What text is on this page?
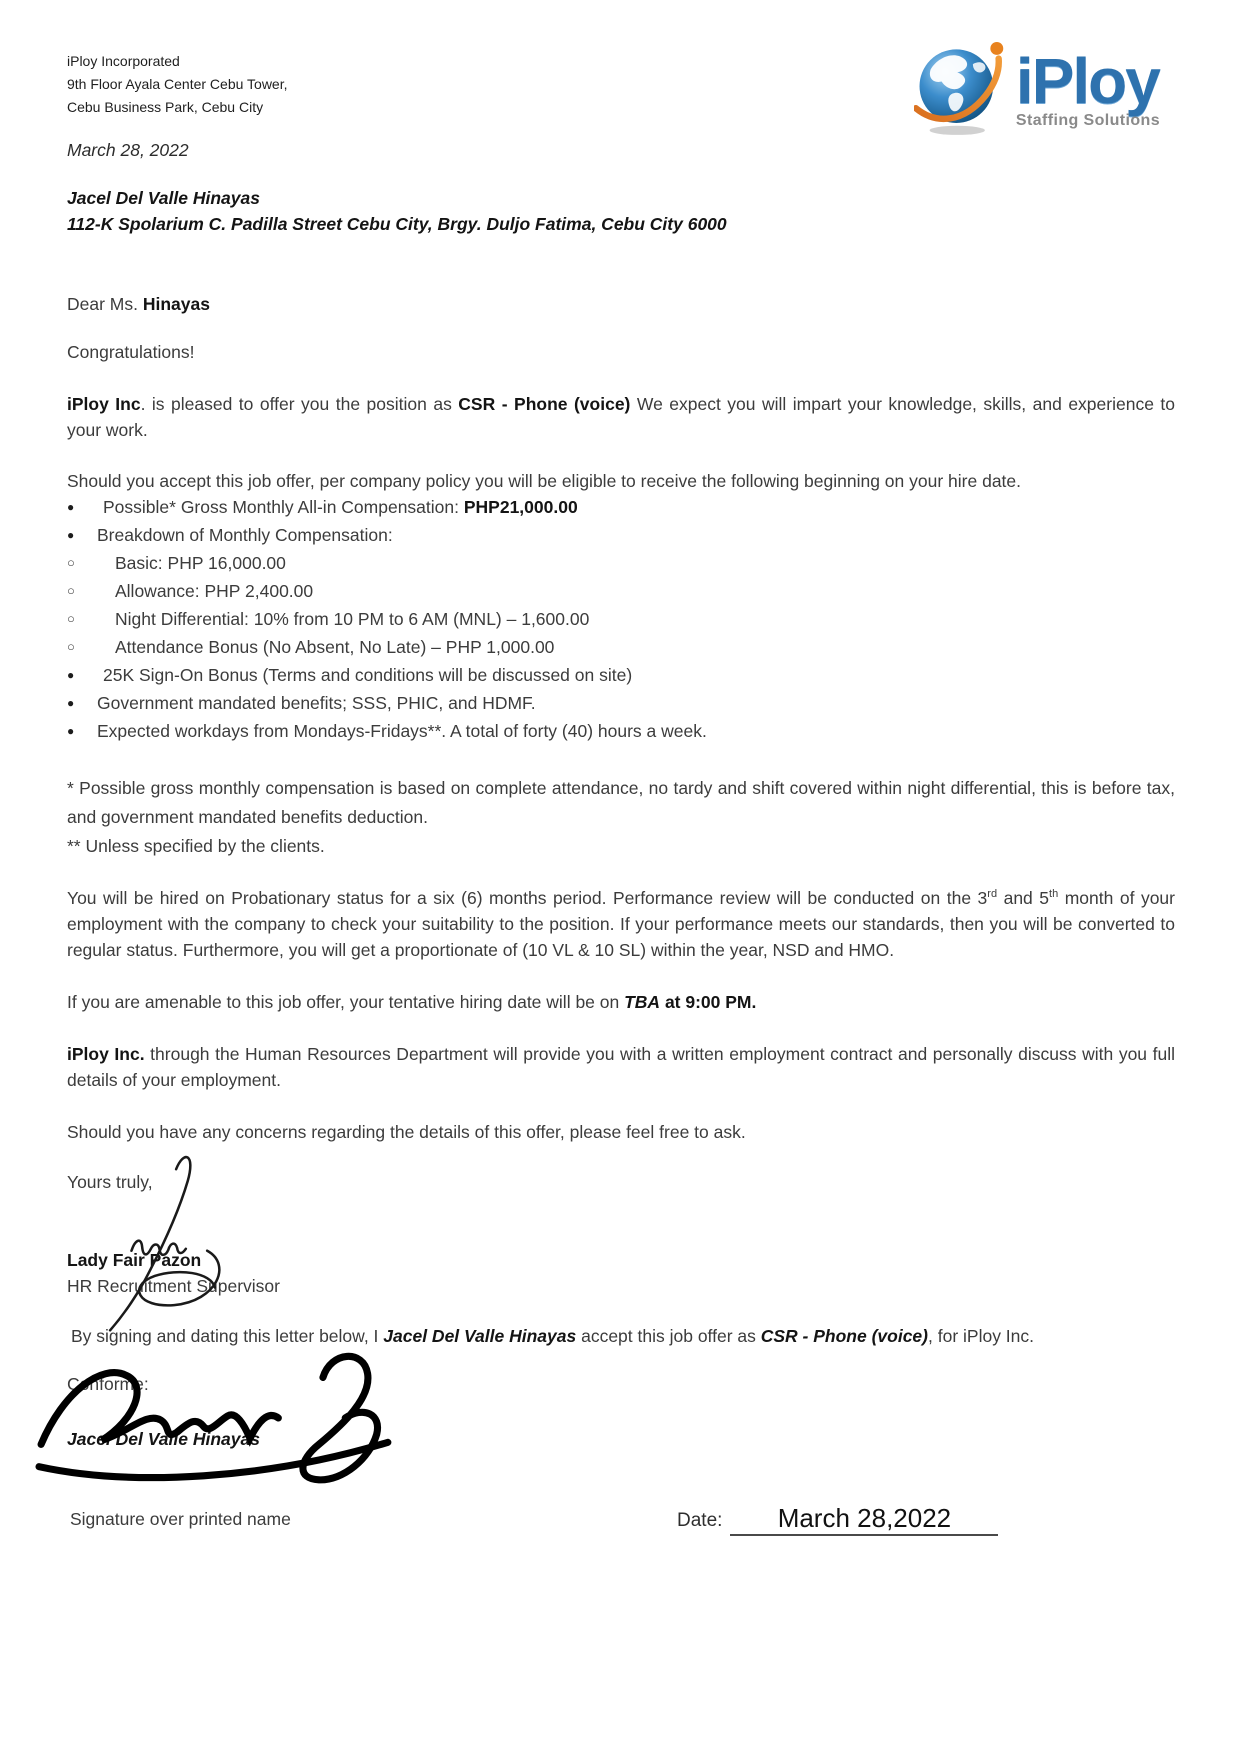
iPloy Incorporated
9th Floor Ayala Center Cebu Tower,
Cebu Business Park, Cebu City	iPloy
Staffing Solutions

March 28, 2022

Jacel Del Valle Hinayas
112-K Spolarium C. Padilla Street Cebu City, Brgy. Duljo Fatima, Cebu City 6000

Dear Ms. Hinayas

Congratulations!

iPloy Inc. is pleased to offer you the position as CSR - Phone (voice) We expect you will impart your knowledge, skills, and experience to your work.

Should you accept this job offer, per company policy you will be eligible to receive the following beginning on your hire date.

●	Possible* Gross Monthly All-in Compensation: PHP21,000.00
●	Breakdown of Monthly Compensation:
○	Basic: PHP 16,000.00
○	Allowance: PHP 2,400.00
○	Night Differential: 10% from 10 PM to 6 AM (MNL) – 1,600.00
○	Attendance Bonus (No Absent, No Late) – PHP 1,000.00
●	25K Sign-On Bonus (Terms and conditions will be discussed on site)
●	Government mandated benefits; SSS, PHIC, and HDMF.
●	Expected workdays from Mondays-Fridays**. A total of forty (40) hours a week.

* Possible gross monthly compensation is based on complete attendance, no tardy and shift covered within night differential, this is before tax, and government mandated benefits deduction.

** Unless specified by the clients.

You will be hired on Probationary status for a six (6) months period. Performance review will be conducted on the 3rd and 5th month of your employment with the company to check your suitability to the position. If your performance meets our standards, then you will be converted to regular status. Furthermore, you will get a proportionate of (10 VL & 10 SL) within the year, NSD and HMO.

If you are amenable to this job offer, your tentative hiring date will be on TBA at 9:00 PM.

iPloy Inc. through the Human Resources Department will provide you with a written employment contract and personally discuss with you full details of your employment.

Should you have any concerns regarding the details of this offer, please feel free to ask.

Yours truly,

Lady Fair Pazon

HR Recruitment Supervisor

By signing and dating this letter below, I Jacel Del Valle Hinayas accept this job offer as CSR - Phone (voice), for iPloy Inc.

Conforme:

Jacel Del Valle Hinayas

Signature over printed name	Date:	March 28,2022
